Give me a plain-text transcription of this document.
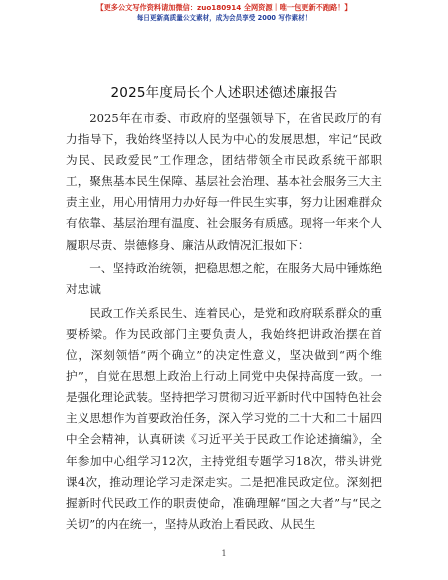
【更多公文写作资料请加微信：zuo180914 全网资源｜唯一包更新不跑路！】
每日更新高质量公文素材，成为会员享受 2000 写作素材！
2025年度局长个人述职述德述廉报告

2025年在市委、市政府的坚强领导下，在省民政厅的有力指导下，我始终坚持以人民为中心的发展思想，牢记“民政为民、民政爱民”工作理念，团结带领全市民政系统干部职工，聚焦基本民生保障、基层社会治理、基本社会服务三大主责主业，用心用情用力办好每一件民生实事，努力让困难群众有依靠、基层治理有温度、社会服务有质感。现将一年来个人履职尽责、崇德修身、廉洁从政情况汇报如下：

一、坚持政治统领，把稳思想之舵，在服务大局中锤炼绝对忠诚

民政工作关系民生、连着民心，是党和政府联系群众的重要桥梁。作为民政部门主要负责人，我始终把讲政治摆在首位，深刻领悟“两个确立”的决定性意义，坚决做到“两个维护”，自觉在思想上政治上行动上同党中央保持高度一致。一是强化理论武装。坚持把学习贯彻习近平新时代中国特色社会主义思想作为首要政治任务，深入学习党的二十大和二十届四中全会精神，认真研读《习近平关于民政工作论述摘编》，全年参加中心组学习12次，主持党组专题学习18次，带头讲党课4次，推动理论学习走深走实。二是把准民政定位。深刻把握新时代民政工作的职责使命，准确理解“国之大者”与“民之关切”的内在统一，坚持从政治上看民政、从民生

1
